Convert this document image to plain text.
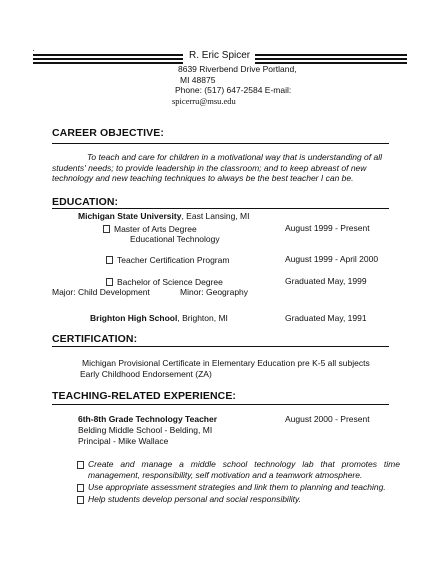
R. Eric Spicer
8639 Riverbend Drive Portland,
MI 48875
Phone: (517) 647-2584 E-mail:
spicerru@msu.edu
CAREER OBJECTIVE:
To teach and care for children in a motivational way that is understanding of all students' needs; to provide leadership in the classroom; and to keep abreast of new technology and new teaching techniques to always be the best teacher I can be.
EDUCATION:
Michigan State University, East Lansing, MI
Master of Arts Degree	August 1999 - Present
Educational Technology
Teacher Certification Program	August 1999 - April 2000
Bachelor of Science Degree	Graduated May, 1999
Major: Child Development	Minor: Geography
Brighton High School, Brighton, MI	Graduated May, 1991
CERTIFICATION:
Michigan Provisional Certificate in Elementary Education pre K-5 all subjects
Early Childhood Endorsement (ZA)
TEACHING-RELATED EXPERIENCE:
6th-8th Grade Technology Teacher	August 2000 - Present
Belding Middle School - Belding, MI
Principal - Mike Wallace
Create and manage a middle school technology lab that promotes time management, responsibility, self motivation and a teamwork atmosphere.
Use appropriate assessment strategies and link them to planning and teaching.
Help students develop personal and social responsibility.
